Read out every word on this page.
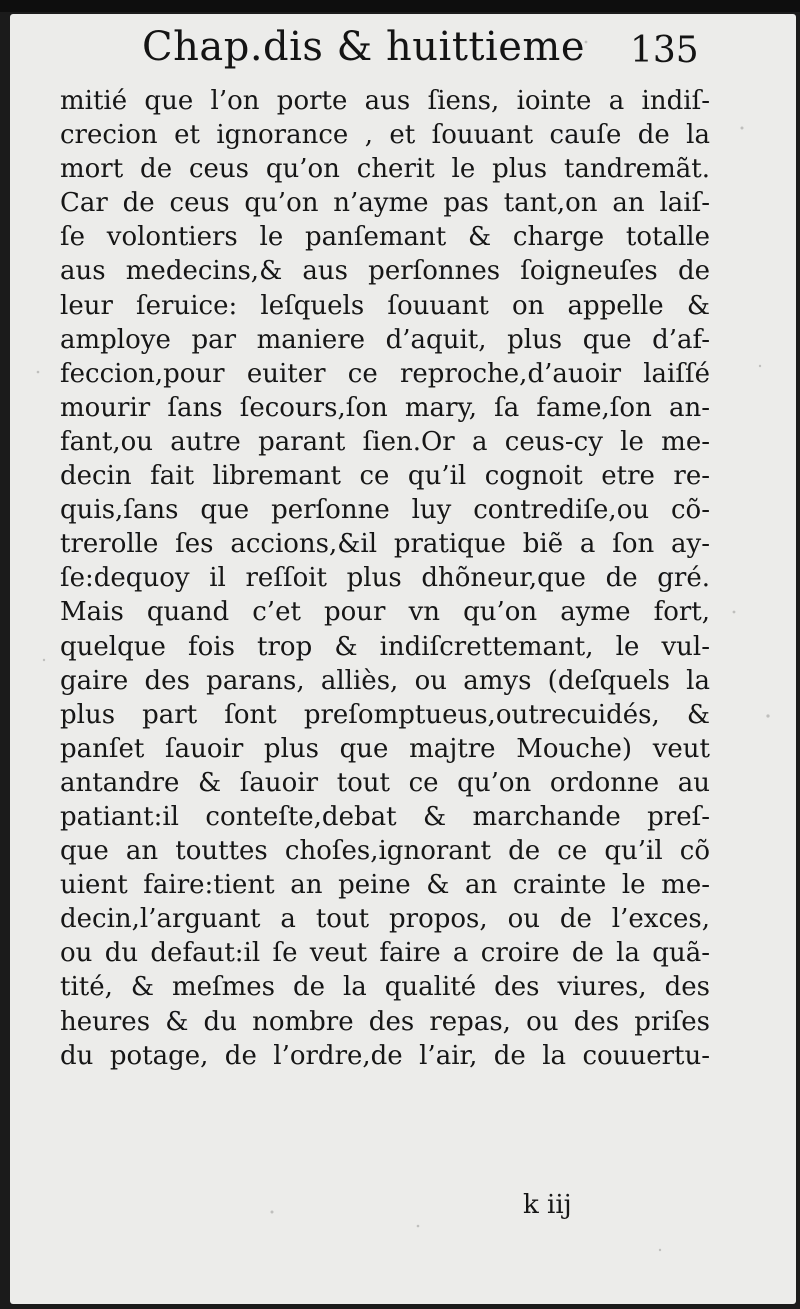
Chap.dis & huittieme 135
mitié que l’on porte aus ſiens, iointe a indiſ-
crecion et ignorance , et ſouuant cauſe de la
mort de ceus qu’on cherit le plus tandremãt.
Car de ceus qu’on n’ayme pas tant,on an laiſ-
ſe volontiers le panſemant & charge totalle
aus medecins,& aus perſonnes ſoigneuſes de
leur ſeruice: leſquels ſouuant on appelle &
amploye par maniere d’aquit, plus que d’af-
feccion,pour euiter ce reproche,d’auoir laiſſé
mourir ſans ſecours,ſon mary, ſa fame,ſon an-
fant,ou autre parant ſien.Or a ceus-cy le me-
decin fait libremant ce qu’il cognoit etre re-
quis,ſans que perſonne luy contrediſe,ou cõ-
trerolle ſes accions,&il pratique biẽ a ſon ay-
ſe:dequoy il reſſoit plus dhõneur,que de gré.
Mais quand c’et pour vn qu’on ayme fort,
quelque fois trop & indiſcrettemant, le vul-
gaire des parans, alliès, ou amys (deſquels la
plus part ſont preſomptueus,outrecuidés, &
panſet ſauoir plus que majtre Mouche) veut
antandre & ſauoir tout ce qu’on ordonne au
patiant:il conteſte,debat & marchande preſ-
que an touttes choſes,ignorant de ce qu’il cõ
uient faire:tient an peine & an crainte le me-
decin,l’arguant a tout propos, ou de l’exces,
ou du defaut:il ſe veut faire a croire de la quã-
tité, & meſmes de la qualité des viures, des
heures & du nombre des repas, ou des priſes
du potage, de l’ordre,de l’air, de la couuertu-
k iij
